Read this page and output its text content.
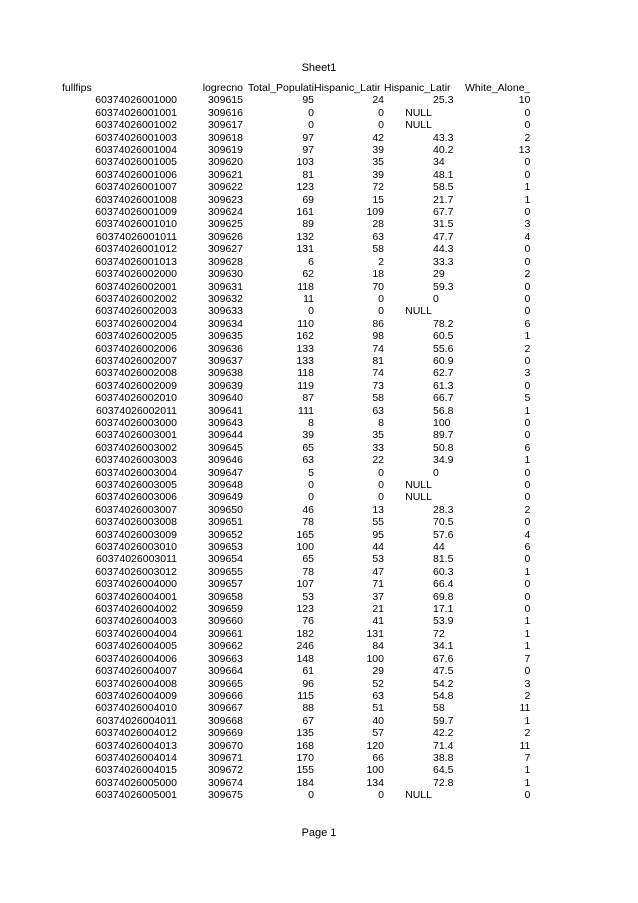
Sheet1
fullfips	logrecno	Total_Populati	Hispanic_Latir	Hispanic_Latir		White_Alone_
60374026001000	309615	95	24		25.3	10
60374026001001	309616	0	0	NULL		0
60374026001002	309617	0	0	NULL		0
60374026001003	309618	97	42		43.3	2
60374026001004	309619	97	39		40.2	13
60374026001005	309620	103	35		34	0
60374026001006	309621	81	39		48.1	0
60374026001007	309622	123	72		58.5	1
60374026001008	309623	69	15		21.7	1
60374026001009	309624	161	109		67.7	0
60374026001010	309625	89	28		31.5	3
60374026001011	309626	132	63		47.7	4
60374026001012	309627	131	58		44.3	0
60374026001013	309628	6	2		33.3	0
60374026002000	309630	62	18		29	2
60374026002001	309631	118	70		59.3	0
60374026002002	309632	11	0		0	0
60374026002003	309633	0	0	NULL		0
60374026002004	309634	110	86		78.2	6
60374026002005	309635	162	98		60.5	1
60374026002006	309636	133	74		55.6	2
60374026002007	309637	133	81		60.9	0
60374026002008	309638	118	74		62.7	3
60374026002009	309639	119	73		61.3	0
60374026002010	309640	87	58		66.7	5
60374026002011	309641	111	63		56.8	1
60374026003000	309643	8	8		100	0
60374026003001	309644	39	35		89.7	0
60374026003002	309645	65	33		50.8	6
60374026003003	309646	63	22		34.9	1
60374026003004	309647	5	0		0	0
60374026003005	309648	0	0	NULL		0
60374026003006	309649	0	0	NULL		0
60374026003007	309650	46	13		28.3	2
60374026003008	309651	78	55		70.5	0
60374026003009	309652	165	95		57.6	4
60374026003010	309653	100	44		44	6
60374026003011	309654	65	53		81.5	0
60374026003012	309655	78	47		60.3	1
60374026004000	309657	107	71		66.4	0
60374026004001	309658	53	37		69.8	0
60374026004002	309659	123	21		17.1	0
60374026004003	309660	76	41		53.9	1
60374026004004	309661	182	131		72	1
60374026004005	309662	246	84		34.1	1
60374026004006	309663	148	100		67.6	7
60374026004007	309664	61	29		47.5	0
60374026004008	309665	96	52		54.2	3
60374026004009	309666	115	63		54.8	2
60374026004010	309667	88	51		58	11
60374026004011	309668	67	40		59.7	1
60374026004012	309669	135	57		42.2	2
60374026004013	309670	168	120		71.4	11
60374026004014	309671	170	66		38.8	7
60374026004015	309672	155	100		64.5	1
60374026005000	309674	184	134		72.8	1
60374026005001	309675	0	0	NULL		0
Page 1
